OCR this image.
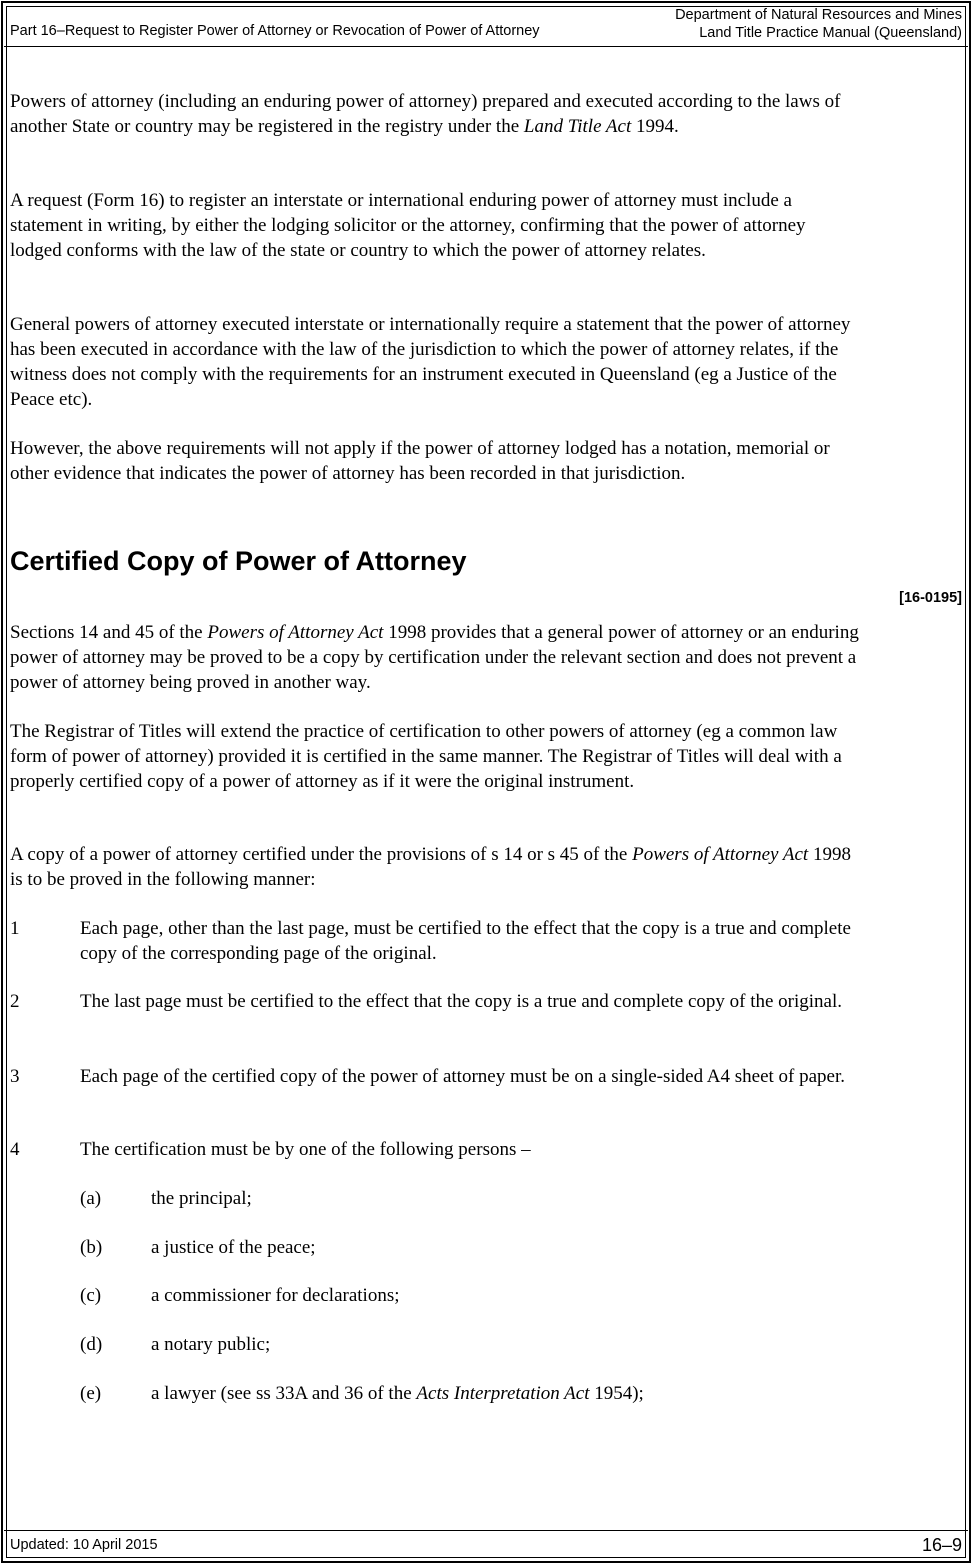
Part 16–Request to Register Power of Attorney or Revocation of Power of Attorney
Department of Natural Resources and Mines
Land Title Practice Manual (Queensland)

Powers of attorney (including an enduring power of attorney) prepared and executed according to the laws of another State or country may be registered in the registry under the Land Title Act 1994.

A request (Form 16) to register an interstate or international enduring power of attorney must include a statement in writing, by either the lodging solicitor or the attorney, confirming that the power of attorney lodged conforms with the law of the state or country to which the power of attorney relates.

General powers of attorney executed interstate or internationally require a statement that the power of attorney has been executed in accordance with the law of the jurisdiction to which the power of attorney relates, if the witness does not comply with the requirements for an instrument executed in Queensland (eg a Justice of the Peace etc).

However, the above requirements will not apply if the power of attorney lodged has a notation, memorial or other evidence that indicates the power of attorney has been recorded in that jurisdiction.

Certified Copy of Power of Attorney

Sections 14 and 45 of the Powers of Attorney Act 1998 provides that a general power of attorney or an enduring power of attorney may be proved to be a copy by certification under the relevant section and does not prevent a power of attorney being proved in another way.

The Registrar of Titles will extend the practice of certification to other powers of attorney (eg a common law form of power of attorney) provided it is certified in the same manner. The Registrar of Titles will deal with a properly certified copy of a power of attorney as if it were the original instrument.

A copy of a power of attorney certified under the provisions of s 14 or s 45 of the Powers of Attorney Act 1998 is to be proved in the following manner:

1	Each page, other than the last page, must be certified to the effect that the copy is a true and complete copy of the corresponding page of the original.
2	The last page must be certified to the effect that the copy is a true and complete copy of the original.
3	Each page of the certified copy of the power of attorney must be on a single-sided A4 sheet of paper.
4	The certification must be by one of the following persons –
(a)	the principal;
(b)	a justice of the peace;
(c)	a commissioner for declarations;
(d)	a notary public;
(e)	a lawyer (see ss 33A and 36 of the Acts Interpretation Act 1954);
[16-0195]
Updated: 10 April 2015	16–9
